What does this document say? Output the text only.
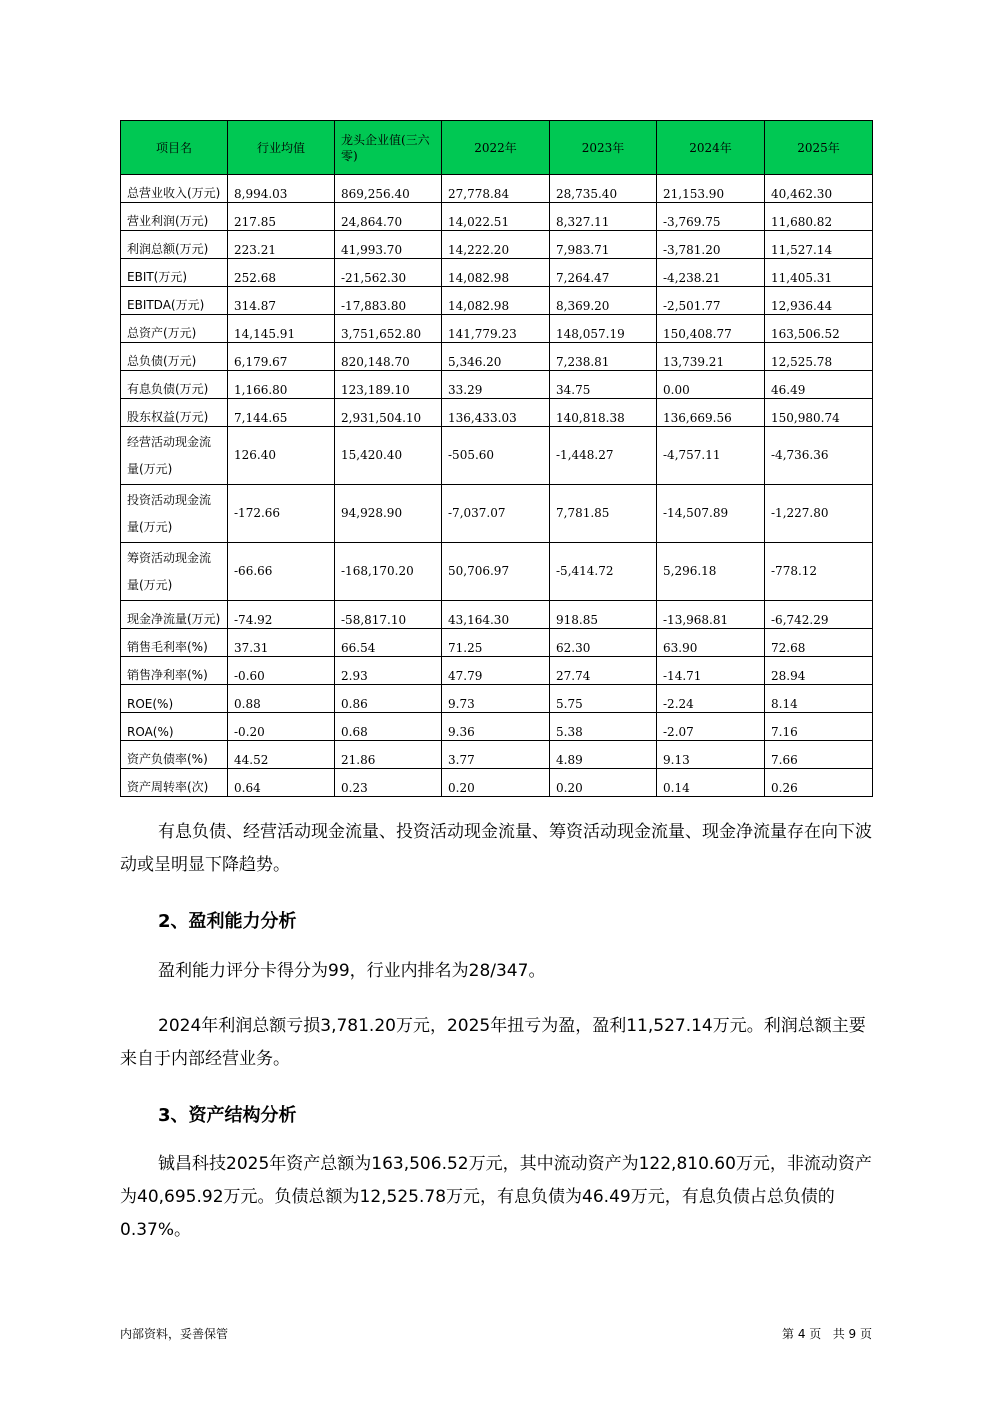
项目名	行业均值	龙头企业值(三六零)	2022年	2023年	2024年	2025年
总营业收入(万元)	8,994.03	869,256.40	27,778.84	28,735.40	21,153.90	40,462.30
营业利润(万元)	217.85	24,864.70	14,022.51	8,327.11	-3,769.75	11,680.82
利润总额(万元)	223.21	41,993.70	14,222.20	7,983.71	-3,781.20	11,527.14
EBIT(万元)	252.68	-21,562.30	14,082.98	7,264.47	-4,238.21	11,405.31
EBITDA(万元)	314.87	-17,883.80	14,082.98	8,369.20	-2,501.77	12,936.44
总资产(万元)	14,145.91	3,751,652.80	141,779.23	148,057.19	150,408.77	163,506.52
总负债(万元)	6,179.67	820,148.70	5,346.20	7,238.81	13,739.21	12,525.78
有息负债(万元)	1,166.80	123,189.10	33.29	34.75	0.00	46.49
股东权益(万元)	7,144.65	2,931,504.10	136,433.03	140,818.38	136,669.56	150,980.74
经营活动现金流量(万元)	126.40	15,420.40	-505.60	-1,448.27	-4,757.11	-4,736.36
投资活动现金流量(万元)	-172.66	94,928.90	-7,037.07	7,781.85	-14,507.89	-1,227.80
筹资活动现金流量(万元)	-66.66	-168,170.20	50,706.97	-5,414.72	5,296.18	-778.12
现金净流量(万元)	-74.92	-58,817.10	43,164.30	918.85	-13,968.81	-6,742.29
销售毛利率(%)	37.31	66.54	71.25	62.30	63.90	72.68
销售净利率(%)	-0.60	2.93	47.79	27.74	-14.71	28.94
ROE(%)	0.88	0.86	9.73	5.75	-2.24	8.14
ROA(%)	-0.20	0.68	9.36	5.38	-2.07	7.16
资产负债率(%)	44.52	21.86	3.77	4.89	9.13	7.66
资产周转率(次)	0.64	0.23	0.20	0.20	0.14	0.26

有息负债、经营活动现金流量、投资活动现金流量、筹资活动现金流量、现金净流量存在向下波动或呈明显下降趋势。

2、盈利能力分析

盈利能力评分卡得分为99，行业内排名为28/347。

2024年利润总额亏损3,781.20万元，2025年扭亏为盈，盈利11,527.14万元。利润总额主要来自于内部经营业务。

3、资产结构分析

铖昌科技2025年资产总额为163,506.52万元，其中流动资产为122,810.60万元，非流动资产为40,695.92万元。负债总额为12,525.78万元，有息负债为46.49万元，有息负债占总负债的0.37%。

内部资料，妥善保管	第 4 页   共 9 页
